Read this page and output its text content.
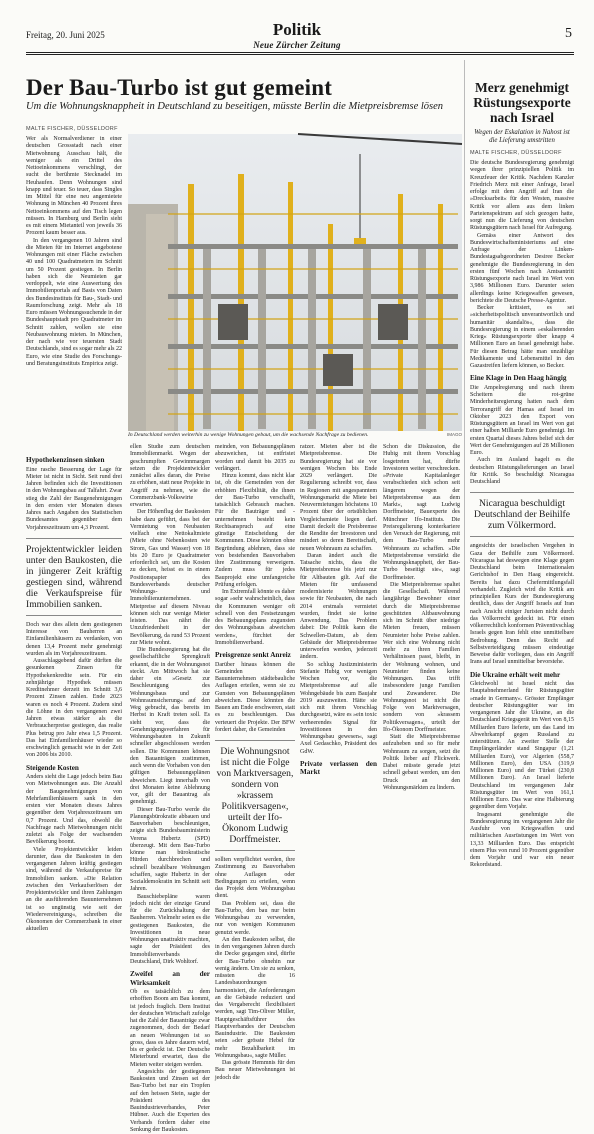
Freitag, 20. Juni 2025	Politik
Neue Zürcher Zeitung
5
Der Bau-Turbo ist gut gemeint
Um die Wohnungsknappheit in Deutschland zu beseitigen, müsste Berlin die Mietpreisbremse lösen
MALTE FISCHER, DÜSSELDORF
In Deutschland werden weiterhin zu wenige Wohnungen gebaut, um die wachsende Nachfrage zu bedienen.	IMAGO

Wer als Normalverdiener in einer deutschen Grossstadt nach einer Mietwohnung Ausschau hält, die weniger als ein Drittel des Nettoeinkommens verschlingt, der sucht die berühmte Stecknadel im Heuhaufen. Denn Wohnungen sind knapp und teuer. So teuer, dass Singles im Mittel für eine neu angemietete Wohnung in München 40 Prozent ihres Nettoeinkommens auf den Tisch legen müssen. In Hamburg und Berlin sieht es mit einem Mietanteil von jeweils 36 Prozent kaum besser aus.

In den vergangenen 10 Jahren sind die Mieten für im Internet angebotene Wohnungen mit einer Fläche zwischen 40 und 100 Quadratmetern im Schnitt um 50 Prozent gestiegen. In Berlin haben sich die Neumieten gar verdoppelt, wie eine Auswertung des Immobilienportals auf Basis von Daten des Bundesinstituts für Bau-, Stadt- und Raumforschung zeigt. Mehr als 18 Euro müssen Wohnungssuchende in der Bundeshauptstadt pro Quadratmeter im Schnitt zahlen, wollen sie eine Neubauwohnung mieten. In München, der nach wie vor teuersten Stadt Deutschlands, sind es sogar mehr als 22 Euro, wie eine Studie des Forschungs- und Beratungsinstituts Empirica zeigt.

Hypothekenzinsen sinken

Eine rasche Besserung der Lage für Mieter ist nicht in Sicht. Seit rund drei Jahren befinden sich die Investitionen in den Wohnungsbau auf Talfahrt. Zwar stieg die Zahl der Baugenehmigungen in den ersten vier Monaten dieses Jahres nach Angaben des Statistischen Bundesamtes gegenüber dem Vorjahreszeitraum um 4,3 Prozent.

Projektentwickler leiden unter den Baukosten, die in jüngerer Zeit kräftig gestiegen sind, während die Verkaufspreise für Immobilien sanken.

Doch war dies allein dem gestiegenen Interesse von Bauherren an Einfamilienhäusern zu verdanken, von denen 13,4 Prozent mehr genehmigt wurden als im Vorjahreszeitraum.

Ausschlaggebend dafür dürften die gesunkenen Zinsen für Hypothekenkredite sein. Für ein zehnjährige Hypothek müssen Kreditnehmer derzeit im Schnitt 3,6 Prozent Zinsen zahlen. Ende 2023 waren es noch 4 Prozent. Zudem sind die Löhne in den vergangenen zwei Jahren etwas stärker als die Verbraucherpreise gestiegen, das realie Plus betrug pro Jahr etwa 1,5 Prozent. Das hat Einfamilienhäuser wieder so erschwinglich gemacht wie in der Zeit von 2006 bis 2010.

Steigende Kosten

Anders sieht die Lage jedoch beim Bau von Mietwohnungen aus. Die Anzahl der Baugenehmigungen von Mehrfamilienhäusern sank in den ersten vier Monaten dieses Jahres gegenüber dem Vorjahreszeitraum um 0,7 Prozent. Und das, obwohl die Nachfrage nach Mietwohnungen nicht zuletzt als Folge der wachsenden Bevölkerung boomt.

Viele Projektentwickler leiden darunter, dass die Baukosten in den vergangenen Jahren kräftig gestiegen sind, während die Verkaufspreise für Immobilien sanken. »Die Relation zwischen den Verkaufserlösen der Projektentwickler und ihren Zahlungen an die ausführenden Bauunternehmen ist so ungünstig wie seit der Wiedervereinigung«, schreiben die Ökonomen der Commerzbank in einer aktuellen

ellen Studie zum deutschen Immobilienmarkt. Wegen der geschrumpften Gewinnmargen setzen die Projektentwickler zunächst alles daran, die Preise zu erhöhen, statt neue Projekte in Angriff zu nehmen, wie die Commerzbank-Volkswirte erwarten.

Der Höhenflug der Baukosten habe dazu geführt, dass bei der Vermietung von Neubauten vielfach eine Nettokaltmiete (Miete ohne Nebenkosten wie Strom, Gas und Wasser) von 18 bis 20 Euro je Quadratmeter erforderlich sei, um die Kosten zu decken, heisst es in einem Positionspapier des Bundesverbands deutscher Wohnungs- und Immobilienunternehmen. Mietpreise auf diesem Niveau können sich nur wenige Mieter leisten. Das nährt die Unzufriedenheit in der Bevölkerung, da rund 53 Prozent zur Miete wohnt.

Die Bundesregierung hat die gesellschaftliche Sprengkraft erkannt, die in der Wohnungsnot steckt. Am Mittwoch hat sie daher ein »Gesetz zur Beschleunigung des Wohnungsbaus und zur Wohnraumsicherung« auf den Weg gebracht, das bereits im Herbst in Kraft treten soll. Es sieht vor, dass die Genehmigungsverfahren für Wohnungsbauten in Zukunft schneller abgeschlossen werden sollen. Die Kommunen können den Bauanträgen zustimmen, auch wenn die Vorhaben von den gültigen Bebauungsplänen abweichen. Liegt innerhalb von drei Monaten keine Ablehnung vor, gilt der Bauantrag als genehmigt.

Dieser Bau-Turbo werde die Planungsbürokratie abbauen und Bauvorhaben beschleunigen, zeigte sich Bundesbauministerin Verena Hubertz (SPD) überzeugt. Mit dem Bau-Turbo könne man bürokratische Hürden durchbrechen und schnell bezahlbare Wohnungen schaffen, sagte Hubertz in der Sozialdemokratin im Schnitt seit Jahren.

Bauschiebepläne waren jedoch nicht der einzige Grund für die Zurückhaltung der Bauherren. Vielmehr seien es die gestiegenen Baukosten, die Investitionen in neue Wohnungen unattraktiv machten, sagte der Präsident des Immobilienverbands Deutschland, Dirk Wohltorf.

Zweifel an der Wirksamkeit

Ob es tatsächlich zu dem erhofften Boom am Bau kommt, ist jedoch fraglich. Dem Institut der deutschen Wirtschaft zufolge hat die Zahl der Bauanträge zwar zugenommen, doch der Bedarf an neuen Wohnungen ist so gross, dass es Jahre dauern wird, bis er gedeckt ist. Der Deutsche Mieterbund erwartet, dass die Mieten weiter steigen werden.

Angesichts der gestiegenen Baukosten und Zinsen sei der Bau-Turbo bei nur ein Tropfen auf den heissen Stein, sagte der Präsident des Bauindustrieverbandes, Peter Hübner. Auch die Experten des Verbands fordern daher eine Senkung der Baukosten.

meinden, von Bebauungsplänen abzuweichen, ist entfristet worden und damit bis 2035 zu verlängert.

Hinzu kommt, dass nicht klar ist, ob die Gemeinden von der erhöhten Flexibilität, die ihnen der Bau-Turbo verschafft, tatsächlich Gebrauch machen. Für die Bauträger und -unternehmen besteht kein Rechtsanspruch auf eine günstige Entscheidung der Kommunen. Diese könnten ohne Begründung ablehnen, dass sie von bestehenden Bauvorhaben ihre Zustimmung verweigern. Zudem muss für jedes Bauprojekt eine umfangreiche Prüfung erfolgen.

Im Extremfall könnte es daher sogar »sehr wahrscheinlich, dass die Kommunen weniger oft schnell von den Festsetzungen des Bebauungsplans zugunsten des Wohnungsbaus abweichen werden«, fürchtet der Immobilienverband.

Preisgrenze senkt Anreiz

Darüber hinaus können die Gemeinden den Bauunternehmen städtebauliche Auflagen erteilen, wenn sie zu Gunsten von Bebauungsplänen abweichen. Diese könnten die Bauen am Ende erschweren, statt es zu beschleunigen. Das verteuert die Projekte. Der BFW fordert daher, die Gemeinden

Die Wohnungsnot ist nicht die Folge von Marktversagen, sondern von »krassem Politikversagen«, urteilt der Ifo-Ökonom Ludwig Dorffmeister.

sollten verpflichtet werden, ihre Zustimmung zu Bauvorhaben ohne Auflagen oder Bedingungen zu erteilen, wenn das Projekt dem Wohnungsbau dient.

Das Problem sei, dass die Bau-Turbo, den bau nur beim Wohnungsbau zu verwenden, nur von wenigen Kommunen genutzt werde.

An den Baukosten selbst, die in den vergangenen Jahren durch die Decke gegangen sind, dürfte der Bau-Turbo ohnehin nur wenig ändern. Um sie zu senken, müssten die 16 Landesbauordnungen harmonisiert, die Anforderungen an die Gebäude reduziert und das Vergaberecht flexibilisiert werden, sagt Tim-Oliver Müller, Hauptgeschäftsführer des Hauptverbandes der Deutschen Bauindustrie. Die Baukosten seien »der grösste Hebel für mehr Bezahlbarkeit im Wohnungsbau«, sagte Müller.

Das grösste Hemmnis für den Bau neuer Mietwohnungen ist jedoch die

ratzer. Mieten aber ist die Mietpreisbremse. Die Bundesregierung hat sie vor wenigen Wochen bis Ende 2029 verlängert. Die Regulierung schreibt vor, dass in Regionen mit angespanntem Wohnungsmarkt die Miete bei Neuvermietungen höchstens 10 Prozent über der ortsüblichen Vergleichsmiete liegen darf. Damit deckelt die Preisbremse die Rendite der Investoren und mindert so deren Bereitschaft, neuen Wohnraum zu schaffen.

Daran ändert auch die Tatsache nichts, dass die Mietpreisbremse bis jetzt nur für Altbauten gilt. Auf die Mieten für umfassend modernisierte Wohnungen sowie für Neubauten, die nach 2014 erstmals vermietet wurden, findet sie keine Anwendung. Das Problem dabei: Die Politik kann die Schwellen-Datum, ab dem Gebäude der Mietpreisbremse unterworfen werden, jederzeit ändern.

So schlug Justizministerin Stefanie Hubig vor wenigen Wochen vor, die Mietpreisbremse auf alle Wohngebäude bis zum Baujahr 2019 auszuweiten. Hätte sie sich mit ihrem Vorschlag durchgesetzt, wäre es »ein toxic verheerendes Signal für Investitionen in den Wohnungsbau gewesen«, sagt Axel Gedaschko, Präsident des GdW.

Private verlassen den Markt

Schon die Diskussion, die Hubig mit ihrem Vorschlag losgetreten hat, dürfte Investoren weiter verschrecken. »Private Kapitalanleger verabschieden sich schon seit längerem wegen der Mietpreisbremse aus dem Markt«, sagt Ludwig Dorffmeister, Bauexperte des Münchner Ifo-Instituts. Die Preisregulierung konterkariere den Versuch der Regierung, mit dem Bau-Turbo mehr Wohnraum zu schaffen. »Die Mietpreisbremse verstärkt die Wohnungsknappheit, der Bau-Turbo beseitigt sie«, sagt Dorffmeister.

Die Mietpreisbremse spaltet die Gesellschaft. Während langjährige Bewohner einer durch die Mietpreisbremse geschützten Altbauwohnung sich im Schnitt über niedrige Mieten freuen, müssen Neumieter hohe Preise zahlen. Wer sich eine Wohnung nicht mehr zu ihren Familien Verhältnissen passt, bleibt, in der Wohnung wohnen, und Neumieter finden keine Wohnungen. Das trifft insbesondere junge Familien und Zuwanderer. Die Wohnungsnot ist nicht die Folge von Marktversagen, sondern von »krassem Politikversagen«, urteilt der Ifo-Ökonom Dorffmeister.

Statt die Mietpreisbremse aufzuheben und so für mehr Wohnraum zu sorgen, setzt die Politik lieber auf Flickwerk. Dabei müsste gerade jetzt schnell gebaut werden, um den Druck an den Wohnungsmärkten zu lindern.

Merz genehmigt Rüstungsexporte nach Israel
Wegen der Eskalation in Nahost ist die Lieferung umstritten
MALTE FISCHER, DÜSSELDORF

Die deutsche Bundesregierung genehmigt wegen ihrer prinzipiellen Politik im Kreuzfeuer der Kritik. Nachdem Kanzler Friedrich Merz mit einer Anfrage, Israel erfolge mit dem Angriff auf Iran die »Drecksarbeit« für den Westen, massive Kritik vor allem aus dem linken Parteienspektrum auf sich gezogen hatte, sorgt nun die Lieferung von deutschen Rüstungsgütern nach Israel für Aufregung.

Gemäss einer Antwort des Bundeswirtschaftsministeriums auf eine Anfrage der Linken-Bundestagsabgeordneten Desiree Becker genehmigte die Bundesregierung in den ersten fünf Wochen nach Amtsantritt Rüstungsexporte nach Israel im Wert von 3,986 Millionen Euro. Darunter seien allerdings keine Kriegswaffen gewesen, berichtete die Deutsche Presse-Agentur.

Becker kritisiert, es sei »sicherheitspolitisch unverantwortlich und humanitär skandalös«, dass die Bundesregierung in einem »eskalierenden Krieg« Rüstungsexporte über knapp 4 Millionen Euro an Israel genehmigt habe. Für diesen Betrag hätte man unzählige Medikamente und Lebensmittel in den Gazastreifen liefern können, so Becker.

Eine Klage in Den Haag hängig

Die Ampelregierung und nach ihrem Scheitern die rot-grüne Minderheitsregierung hatten nach dem Terrorangriff der Hamas auf Israel im Oktober 2023 den Export von Rüstungsgütern an Israel im Wert von gut einer halben Milliarde Euro genehmigt. Im ersten Quartal dieses Jahres belief sich der Wert der Genehmigungen auf 28 Millionen Euro.

Auch im Ausland hagelt es die deutschen Rüstungslieferungen an Israel für Kritik. So beschuldigt Nicaragua Deutschland

Nicaragua beschuldigt Deutschland der Beihilfe zum Völkermord.

angesichts der israelischen Vergehen in Gaza der Beihilfe zum Völkermord. Nicaragua hat deswegen eine Klage gegen Deutschland beim Internationalen Gerichtshof in Den Haag eingereicht. Bereits hat dazu Chefermittlungsfall verhandelt. Zugleich wird die Kritik am prinzipiellen Kurs der Bundesregierung deutlich, dass der Angriff Israels auf Iran nach Ansicht einiger Juristen nicht durch das Völkerrecht gedeckt ist. Für einen völkerrechtlich konformen Präventivschlag Israels gegen Iran fehlt eine unmittelbare Bedrohung. Denn das Recht auf Selbstverteidigung müssen eindeutige Beweise dafür vorliegen, dass ein Angriff Irans auf Israel unmittelbar bevorstehe.

Die Ukraine erhält weit mehr

Gleichwohl ist Israel nicht das Hauptabnehmerland für Rüstungsgüter »made in Germany«. Grösster Empfänger deutscher Rüstungsgüter war im vergangenen Jahr die Ukraine, an die Deutschland Kriegsgerät im Wert von 8,15 Milliarden Euro lieferte, um das Land im Abwehrkampf gegen Russland zu unterstützen. An zweiter Stelle der Empfängerländer stand Singapur (1,21 Milliarden Euro), vor Algerien (558,7 Millionen Euro), den USA (319,9 Millionen Euro) und der Türkei (230,8 Millionen Euro). An Israel lieferte Deutschland im vergangenen Jahr Rüstungsgüter im Wert von 161,1 Millionen Euro. Das war eine Halbierung gegenüber dem Vorjahr.

Insgesamt genehmigte die Bundesregierung im vergangenen Jahr die Ausfuhr von Kriegswaffen und militärischen Ausrüstungen im Wert von 13,33 Milliarden Euro. Das entspricht einem Plus von rund 10 Prozent gegenüber dem Vorjahr und war ein neuer Rekordstand.
